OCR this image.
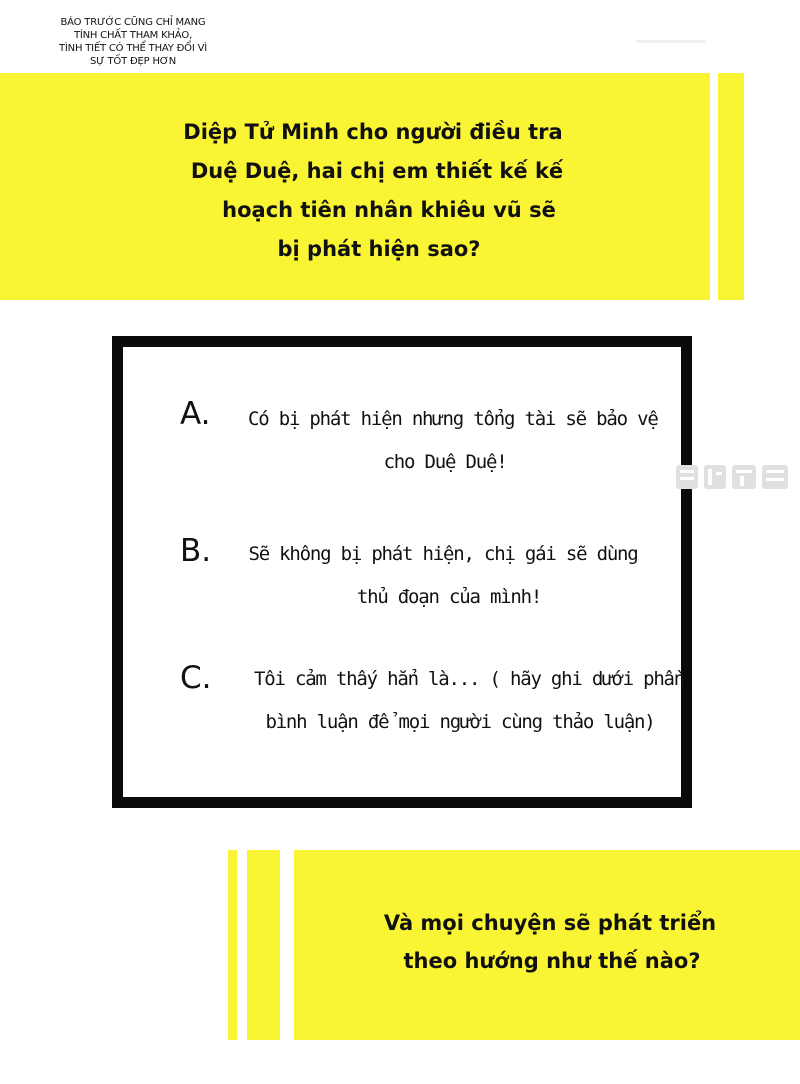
BÁO TRƯỚC CŨNG CHỈ MANG
TÍNH CHẤT THAM KHẢO,
TÌNH TIẾT CÓ THỂ THAY ĐỔI VÌ
SỰ TỐT ĐẸP HƠN
Diệp Tử Minh cho người điều tra
Duệ Duệ, hai chị em thiết kế kế
hoạch tiên nhân khiêu vũ sẽ
bị phát hiện sao?
A. Có bị phát hiện nhưng tổng tài sẽ bảo vệ
cho Duệ Duệ!
B. Sẽ không bị phát hiện, chị gái sẽ dùng
thủ đoạn của mình!
C. Tôi cảm thấy hẳn là... ( hãy ghi dưới phần
bình luận để mọi người cùng thảo luận)
Và mọi chuyện sẽ phát triển
theo hướng như thế nào?
